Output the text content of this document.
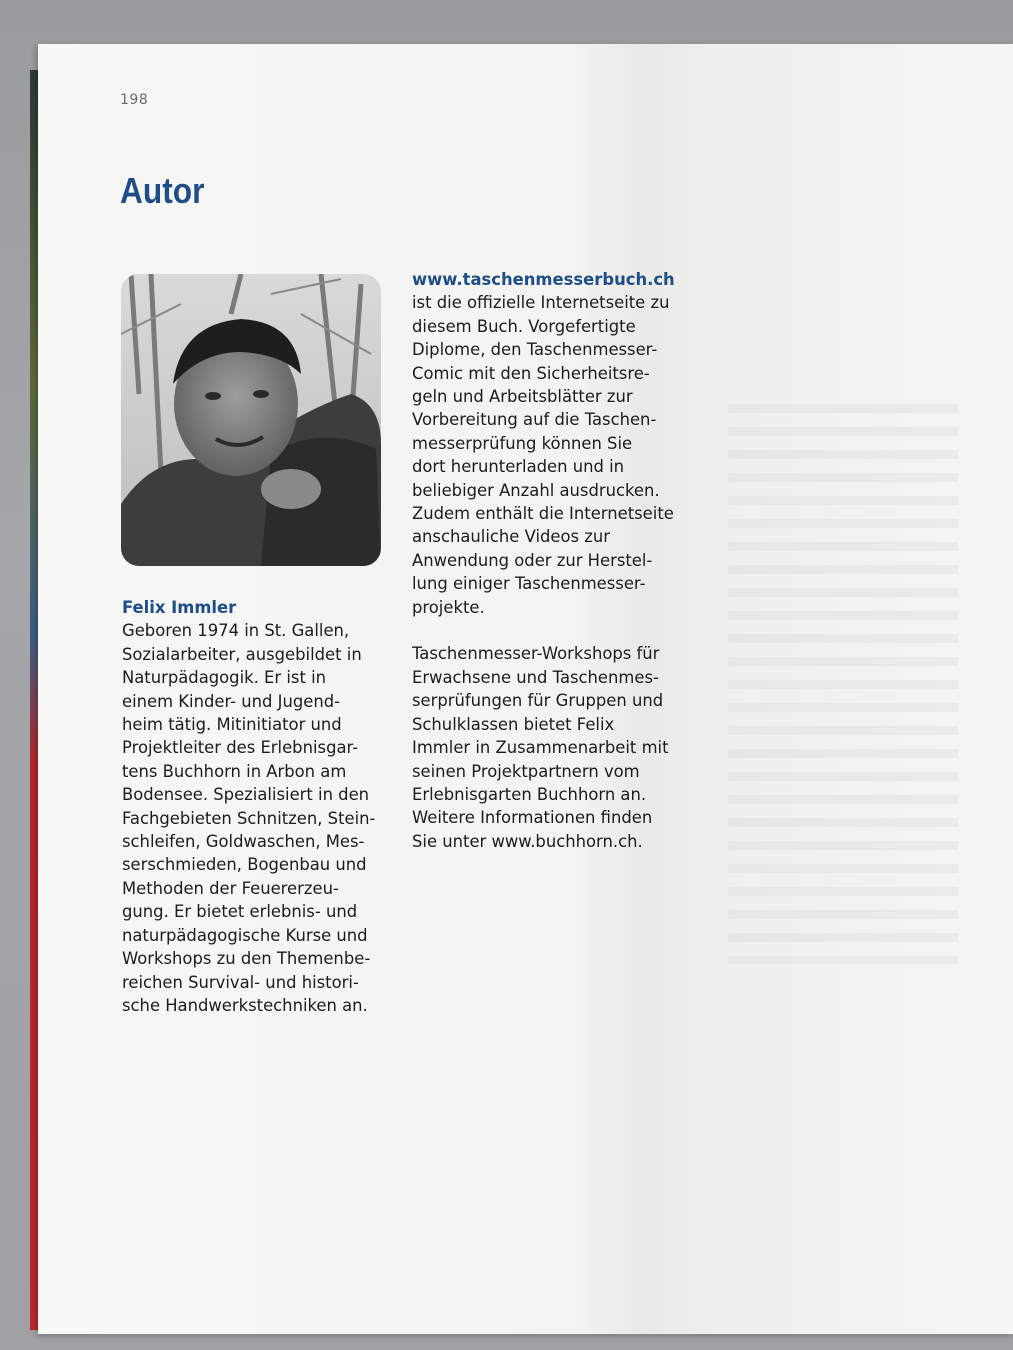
198
Autor

Felix Immler

Geboren 1974 in St. Gallen,

Sozialarbeiter, ausgebildet in

Naturpädagogik. Er ist in

einem Kinder- und Jugend-

heim tätig. Mitinitiator und

Projektleiter des Erlebnisgar-

tens Buchhorn in Arbon am

Bodensee. Spezialisiert in den

Fachgebieten Schnitzen, Stein-

schleifen, Goldwaschen, Mes-

serschmieden, Bogenbau und

Methoden der Feuererzeu-

gung. Er bietet erlebnis- und

naturpädagogische Kurse und

Workshops zu den Themenbe-

reichen Survival- und histori-

sche Handwerkstechniken an.

www.taschenmesserbuch.ch

ist die offizielle Internetseite zu

diesem Buch. Vorgefertigte

Diplome, den Taschenmesser-

Comic mit den Sicherheitsre-

geln und Arbeitsblätter zur

Vorbereitung auf die Taschen-

messerprüfung können Sie

dort herunterladen und in

beliebiger Anzahl ausdrucken.

Zudem enthält die Internetseite

anschauliche Videos zur

Anwendung oder zur Herstel-

lung einiger Taschenmesser-

projekte.

Taschenmesser-Workshops für

Erwachsene und Taschenmes-

serprüfungen für Gruppen und

Schulklassen bietet Felix

Immler in Zusammenarbeit mit

seinen Projektpartnern vom

Erlebnisgarten Buchhorn an.

Weitere Informationen finden

Sie unter www.buchhorn.ch.
